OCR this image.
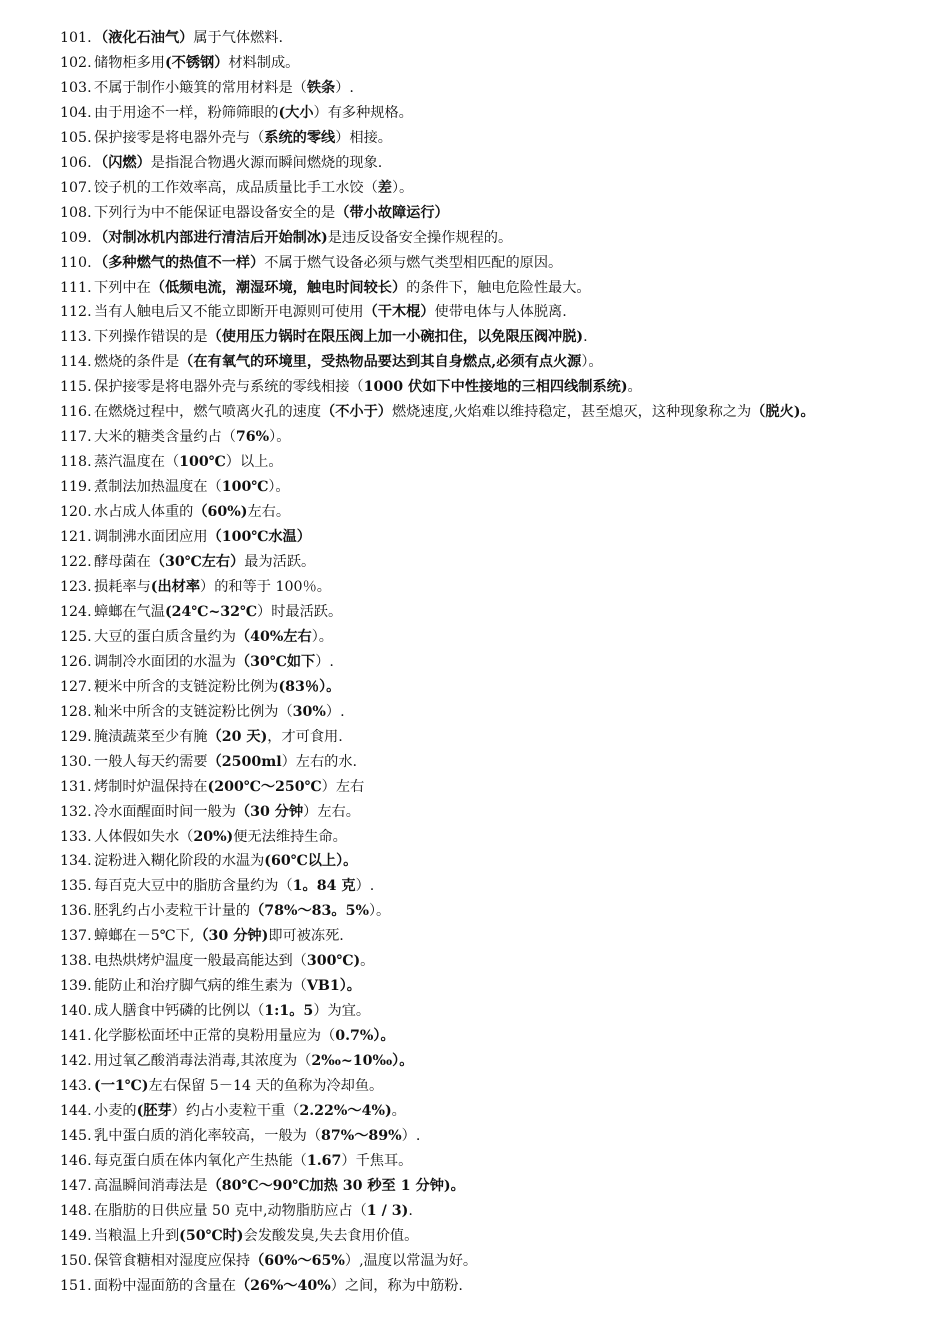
101. （液化石油气）属于气体燃料.
102. 储物柜多用(不锈钢）材料制成。
103. 不属于制作小簸箕的常用材料是（铁条）.
104. 由于用途不一样，粉筛筛眼的(大小）有多种规格。
105. 保护接零是将电器外壳与（系统的零线）相接。
106. （闪燃）是指混合物遇火源而瞬间燃烧的现象.
107. 饺子机的工作效率高，成品质量比手工水饺（差）。
108. 下列行为中不能保证电器设备安全的是（带小故障运行）
109. （对制冰机内部进行清洁后开始制冰)是违反设备安全操作规程的。
110. （多种燃气的热值不一样）不属于燃气设备必须与燃气类型相匹配的原因。
111. 下列中在（低频电流，潮湿环境，触电时间较长）的条件下，触电危险性最大。
112. 当有人触电后又不能立即断开电源则可使用（干木棍）使带电体与人体脱离.
113. 下列操作错误的是（使用压力锅时在限压阀上加一小碗扣住，以免限压阀冲脱).
114. 燃烧的条件是（在有氧气的环境里，受热物品要达到其自身燃点,必须有点火源）。
115. 保护接零是将电器外壳与系统的零线相接（1000 伏如下中性接地的三相四线制系统)。
116. 在燃烧过程中，燃气喷离火孔的速度（不小于）燃烧速度,火焰难以维持稳定，甚至熄灭，这种现象称之为（脱火)。
117. 大米的糖类含量约占（76%）。
118. 蒸汽温度在（100℃）以上。
119. 煮制法加热温度在（100℃）。
120. 水占成人体重的（60%)左右。
121. 调制沸水面团应用（100℃水温）
122. 酵母菌在（30℃左右）最为活跃。
123. 损耗率与(出材率）的和等于 100％。
124. 蟑螂在气温(24℃~32℃）时最活跃。
125. 大豆的蛋白质含量约为（40%左右）。
126. 调制冷水面团的水温为（30℃如下）.
127. 粳米中所含的支链淀粉比例为(83％）。
128. 籼米中所含的支链淀粉比例为（30%）.
129. 腌渍蔬菜至少有腌（20 天)，才可食用.
130. 一般人每天约需要（2500ml）左右的水.
131. 烤制时炉温保持在(200℃～250℃）左右
132. 冷水面醒面时间一般为（30 分钟）左右。
133. 人体假如失水（20%)便无法维持生命。
134. 淀粉进入糊化阶段的水温为(60℃以上）。
135. 每百克大豆中的脂肪含量约为（1。84 克）.
136. 胚乳约占小麦粒干计量的（78%～83。5%）。
137. 蟑螂在－5℃下,（30 分钟)即可被冻死.
138. 电热烘烤炉温度一般最高能达到（300℃)。
139. 能防止和治疗脚气病的维生素为（VB1）。
140. 成人膳食中钙磷的比例以（1:1。5）为宜。
141. 化学膨松面坯中正常的臭粉用量应为（0.7%）。
142. 用过氧乙酸消毒法消毒,其浓度为（2‰~10‰）。
143. (一1℃)左右保留 5－14 天的鱼称为冷却鱼。
144. 小麦的(胚芽）约占小麦粒干重（2.22%～4%)。
145. 乳中蛋白质的消化率较高，一般为（87%～89%）.
146. 每克蛋白质在体内氧化产生热能（1.67）千焦耳。
147. 高温瞬间消毒法是（80℃～90℃加热 30 秒至 1 分钟)。
148. 在脂肪的日供应量 50 克中,动物脂肪应占（1 / 3).
149. 当粮温上升到(50℃时)会发酸发臭,失去食用价值。
150. 保管食糖相对湿度应保持（60%～65%）,温度以常温为好。
151. 面粉中湿面筋的含量在（26%～40%）之间，称为中筋粉.
